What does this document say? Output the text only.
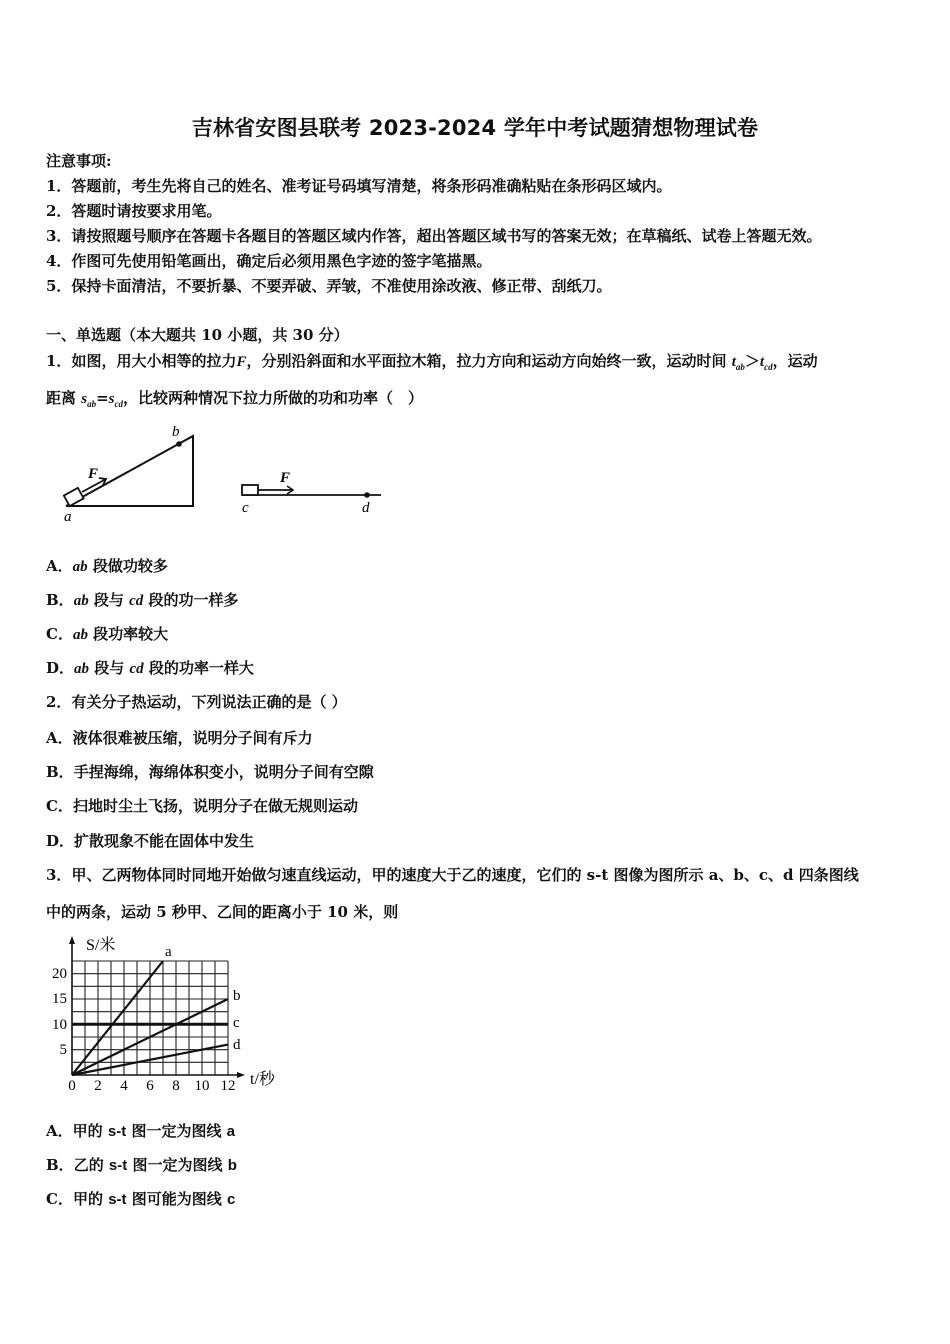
吉林省安图县联考 2023-2024 学年中考试题猜想物理试卷
注意事项:
1．答题前，考生先将自己的姓名、准考证号码填写清楚，将条形码准确粘贴在条形码区域内。
2．答题时请按要求用笔。
3．请按照题号顺序在答题卡各题目的答题区域内作答，超出答题区域书写的答案无效；在草稿纸、试卷上答题无效。
4．作图可先使用铅笔画出，确定后必须用黑色字迹的签字笔描黑。
5．保持卡面清洁，不要折暴、不要弄破、弄皱，不准使用涂改液、修正带、刮纸刀。
一、单选题（本大题共 10 小题，共 30 分）
1．如图，用大小相等的拉力F，分别沿斜面和水平面拉木箱，拉力方向和运动方向始终一致，运动时间 $t_{ab}>t_{cd}$，运动
距离 $s_{ab}=s_{cd}$，比较两种情况下拉力所做的功和功率（　）
F
b
a
F
c	d
A．ab 段做功较多
B．ab 段与 cd 段的功一样多
C．ab 段功率较大
D．ab 段与 cd 段的功率一样大
2．有关分子热运动，下列说法正确的是（ ）
A．液体很难被压缩，说明分子间有斥力
B．手捏海绵，海绵体积变小，说明分子间有空隙
C．扫地时尘土飞扬，说明分子在做无规则运动
D．扩散现象不能在固体中发生
3．甲、乙两物体同时同地开始做匀速直线运动，甲的速度大于乙的速度，它们的 s-t 图像为图所示 a、b、c、d 四条图线
中的两条，运动 5 秒甲、乙间的距离小于 10 米，则
S/米
t/秒
a
b
c
d
0 2 4 6 8 10 12
5
10
15
20
A．甲的 s-t 图一定为图线 a
B．乙的 s-t 图一定为图线 b
C．甲的 s-t 图可能为图线 c
